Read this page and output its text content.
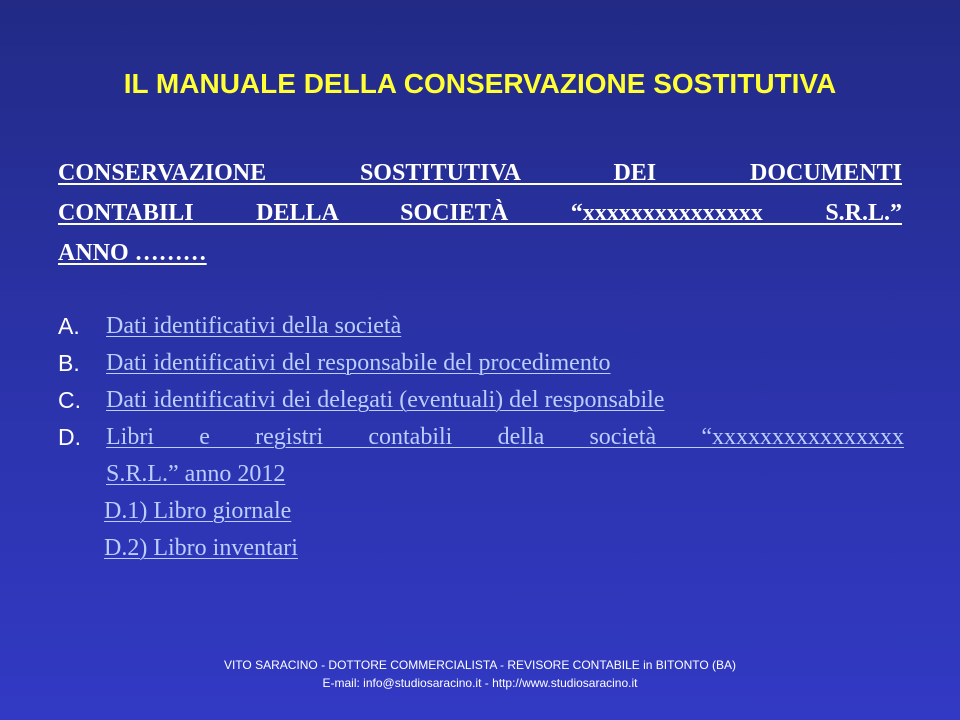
IL MANUALE DELLA CONSERVAZIONE SOSTITUTIVA
CONSERVAZIONE SOSTITUTIVA DEI DOCUMENTI
CONTABILI DELLA SOCIETÀ “xxxxxxxxxxxxxxx S.R.L.”
ANNO ………
A. Dati identificativi della società
B. Dati identificativi del responsabile del procedimento
C. Dati identificativi dei delegati (eventuali) del responsabile
D. Libri e registri contabili della società “xxxxxxxxxxxxxxxx
S.R.L.” anno 2012
D.1) Libro giornale
D.2) Libro inventari
VITO SARACINO - DOTTORE COMMERCIALISTA - REVISORE CONTABILE in BITONTO (BA)
E-mail: info@studiosaracino.it - http://www.studiosaracino.it
